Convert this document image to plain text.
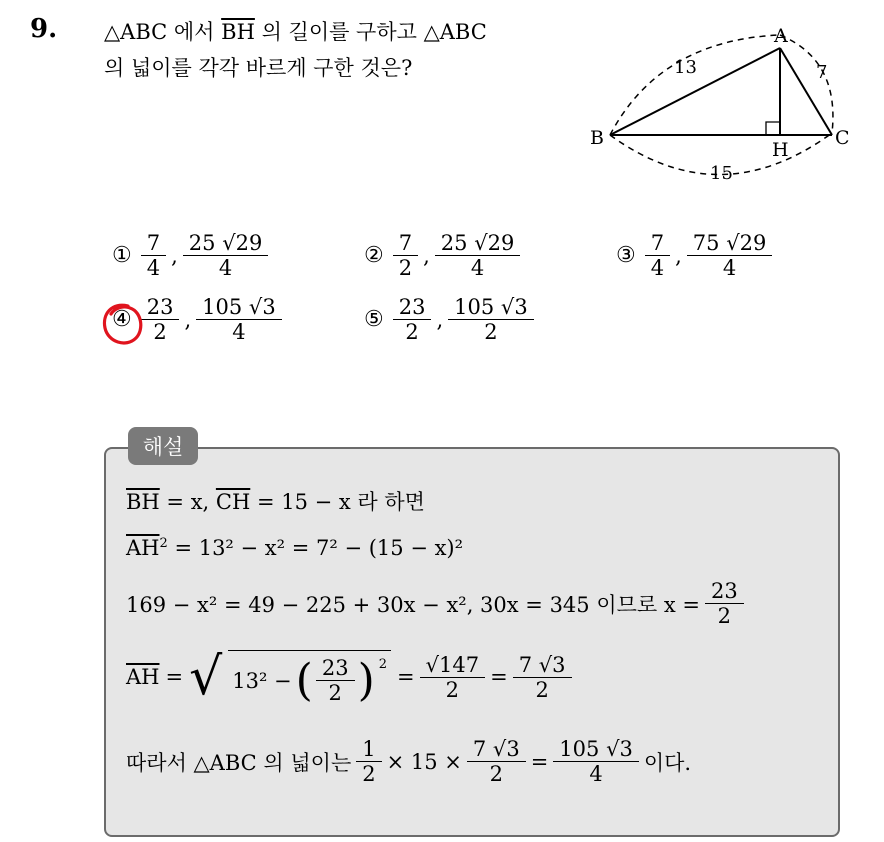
9. △ABC 에서 $\overline{BH}$ 의 길이를 구하고 △ABC
의 넓이를 각각 바르게 구한 것은?
A
B	C
H
13	7
15
① $\frac{7}{4}$ , $\frac{25 √29}{4}$	② $\frac{7}{2}$ , $\frac{25 √29}{4}$	③ $\frac{7}{4}$ , $\frac{75 √29}{4}$
④ $\frac{23}{2}$ , $\frac{105 √3}{4}$	⑤ $\frac{23}{2}$ , $\frac{105 √3}{2}$
해설
$\overline{BH} = x$, $\overline{CH} = 15 - x$ 라 하면
$\overline{AH}^2 = 13^2 - x^2 = 7^2 - (15 - x)^2$
169 − x² = 49 − 225 + 30x − x², 30x = 345 이므로 $x = \frac{23}{2}$
$\overline{AH}$ = √ 13² − ( $\frac{23}{2}$ ) $^2$
= $\frac{√147}{2} = \frac{7 √3}{2}$
따라서 △ABC 의 넓이는 $\frac{1}{2} \times 15 \times \frac{7 √3}{2} = \frac{105 √3}{4}$ 이다.
